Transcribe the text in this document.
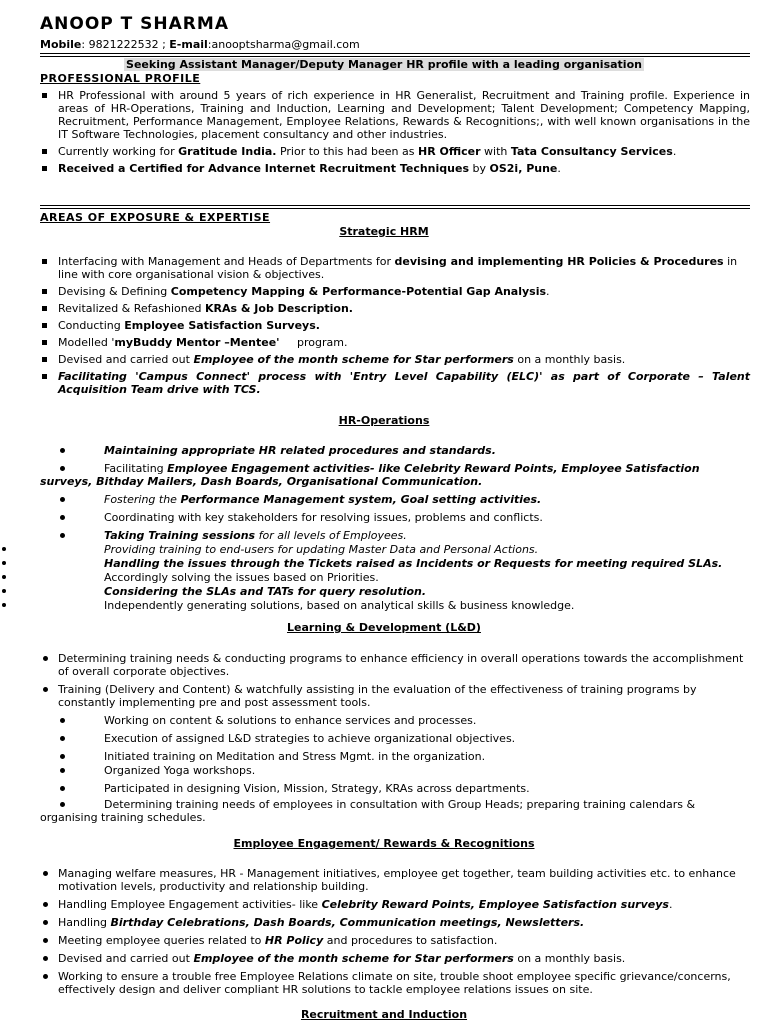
ANOOP T SHARMA
Mobile: 9821222532 ; E-mail:anooptsharma@gmail.com
Seeking Assistant Manager/Deputy Manager HR profile with a leading organisation
PROFESSIONAL PROFILE
HR Professional with around 5 years of rich experience in HR Generalist, Recruitment and Training profile. Experience in areas of HR-Operations, Training and Induction, Learning and Development; Talent Development; Competency Mapping, Recruitment, Performance Management, Employee Relations, Rewards & Recognitions;, with well known organisations in the IT Software Technologies, placement consultancy and other industries.
Currently working for Gratitude India. Prior to this had been as HR Officer with Tata Consultancy Services.
Received a Certified for Advance Internet Recruitment Techniques by OS2i, Pune.
AREAS OF EXPOSURE & EXPERTISE
Strategic HRM
Interfacing with Management and Heads of Departments for devising and implementing HR Policies & Procedures in line with core organisational vision & objectives.
Devising & Defining Competency Mapping & Performance-Potential Gap Analysis.
Revitalized & Refashioned KRAs & Job Description.
Conducting Employee Satisfaction Surveys.
Modelled 'myBuddy Mentor –Mentee'     program.
Devised and carried out Employee of the month scheme for Star performers on a monthly basis.
Facilitating 'Campus Connect' process with 'Entry Level Capability (ELC)' as part of Corporate – Talent Acquisition Team drive with TCS.
HR-Operations
Maintaining appropriate HR related procedures and standards.
Facilitating Employee Engagement activities- like Celebrity Reward Points, Employee Satisfaction surveys, Bithday Mailers, Dash Boards, Organisational Communication.
Fostering the Performance Management system, Goal setting activities.
Coordinating with key stakeholders for resolving issues, problems and conflicts.
Taking Training sessions for all levels of Employees.
Providing training to end-users for updating Master Data and Personal Actions.
Handling the issues through the Tickets raised as Incidents or Requests for meeting required SLAs.
Accordingly solving the issues based on Priorities.
Considering the SLAs and TATs for query resolution.
Independently generating solutions, based on analytical skills & business knowledge.
Learning & Development (L&D)
Determining training needs & conducting programs to enhance efficiency in overall operations towards the accomplishment of overall corporate objectives.
Training (Delivery and Content) & watchfully assisting in the evaluation of the effectiveness of training programs by constantly implementing pre and post assessment tools.
Working on content & solutions to enhance services and processes.
Execution of assigned L&D strategies to achieve organizational objectives.
Initiated training on Meditation and Stress Mgmt. in the organization.
Organized Yoga workshops.
Participated in designing Vision, Mission, Strategy, KRAs across departments.
Determining training needs of employees in consultation with Group Heads; preparing training calendars & organising training schedules.
Employee Engagement/ Rewards & Recognitions
Managing welfare measures, HR - Management initiatives, employee get together, team building activities etc. to enhance motivation levels, productivity and relationship building.
Handling Employee Engagement activities- like Celebrity Reward Points, Employee Satisfaction surveys.
Handling Birthday Celebrations, Dash Boards, Communication meetings, Newsletters.
Meeting employee queries related to HR Policy and procedures to satisfaction.
Devised and carried out Employee of the month scheme for Star performers on a monthly basis.
Working to ensure a trouble free Employee Relations climate on site, trouble shoot employee specific grievance/concerns, effectively design and deliver compliant HR solutions to tackle employee relations issues on site.
Recruitment and Induction
